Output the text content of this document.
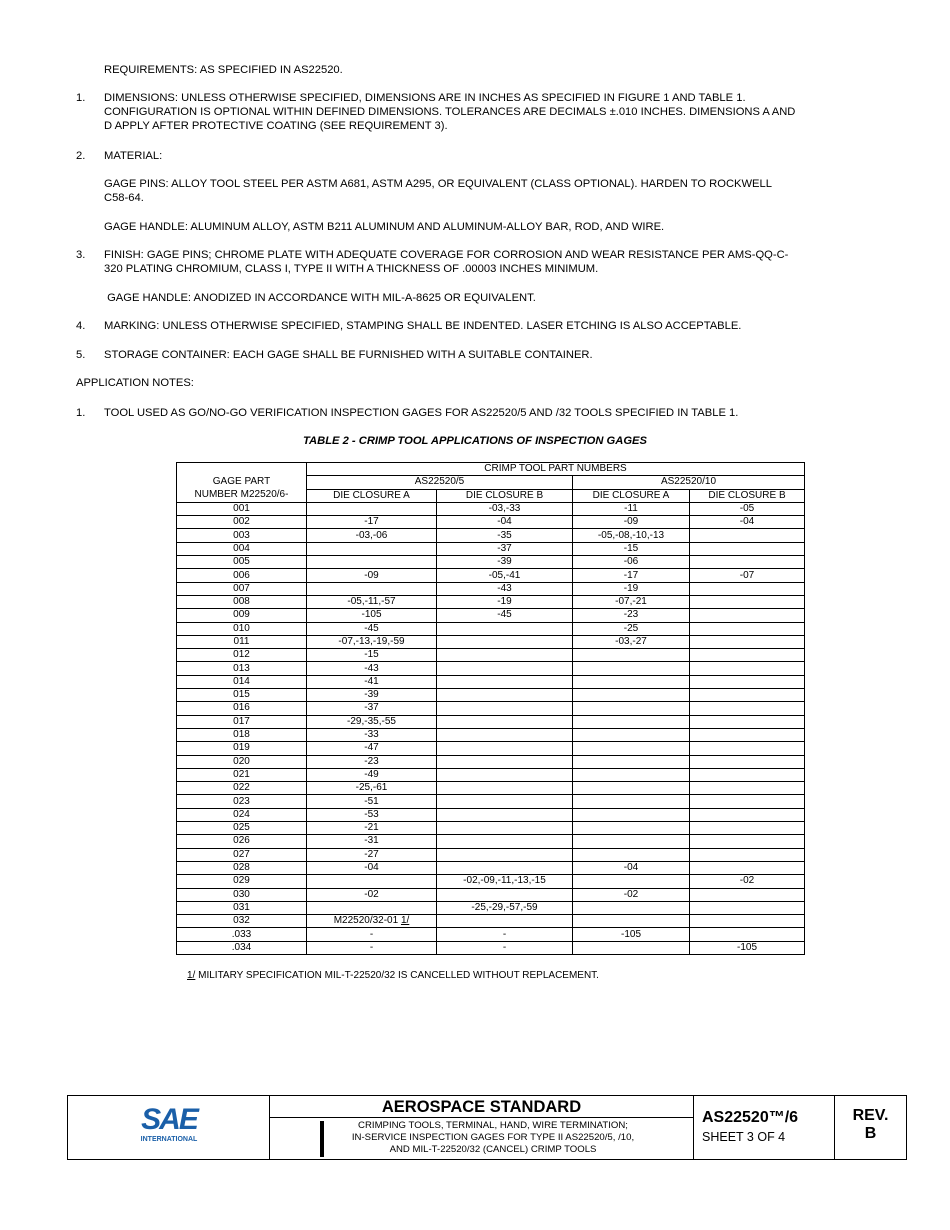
REQUIREMENTS: AS SPECIFIED IN AS22520.
1. DIMENSIONS: UNLESS OTHERWISE SPECIFIED, DIMENSIONS ARE IN INCHES AS SPECIFIED IN FIGURE 1 AND TABLE 1.
CONFIGURATION IS OPTIONAL WITHIN DEFINED DIMENSIONS. TOLERANCES ARE DECIMALS ±.010 INCHES. DIMENSIONS A AND
D APPLY AFTER PROTECTIVE COATING (SEE REQUIREMENT 3).
2. MATERIAL:
GAGE PINS: ALLOY TOOL STEEL PER ASTM A681, ASTM A295, OR EQUIVALENT (CLASS OPTIONAL). HARDEN TO ROCKWELL
C58-64.
GAGE HANDLE: ALUMINUM ALLOY, ASTM B211 ALUMINUM AND ALUMINUM-ALLOY BAR, ROD, AND WIRE.
3. FINISH: GAGE PINS; CHROME PLATE WITH ADEQUATE COVERAGE FOR CORROSION AND WEAR RESISTANCE PER AMS-QQ-C-
320 PLATING CHROMIUM, CLASS I, TYPE II WITH A THICKNESS OF .00003 INCHES MINIMUM.
GAGE HANDLE: ANODIZED IN ACCORDANCE WITH MIL-A-8625 OR EQUIVALENT.
4. MARKING: UNLESS OTHERWISE SPECIFIED, STAMPING SHALL BE INDENTED. LASER ETCHING IS ALSO ACCEPTABLE.
5. STORAGE CONTAINER: EACH GAGE SHALL BE FURNISHED WITH A SUITABLE CONTAINER.
APPLICATION NOTES:
1. TOOL USED AS GO/NO-GO VERIFICATION INSPECTION GAGES FOR AS22520/5 AND /32 TOOLS SPECIFIED IN TABLE 1.
TABLE 2 - CRIMP TOOL APPLICATIONS OF INSPECTION GAGES
	CRIMP TOOL PART NUMBERS			
GAGE PART	AS22520/5		AS22520/10	
NUMBER M22520/6-	DIE CLOSURE A	DIE CLOSURE B	DIE CLOSURE A	DIE CLOSURE B
001		-03,-33	-11	-05
002	-17	-04	-09	-04
003	-03,-06	-35	-05,-08,-10,-13	
004		-37	-15	
005		-39	-06	
006	-09	-05,-41	-17	-07
007		-43	-19	
008	-05,-11,-57	-19	-07,-21	
009	-105	-45	-23	
010	-45		-25	
011	-07,-13,-19,-59		-03,-27	
012	-15			
013	-43			
014	-41			
015	-39			
016	-37			
017	-29,-35,-55			
018	-33			
019	-47			
020	-23			
021	-49			
022	-25,-61			
023	-51			
024	-53			
025	-21			
026	-31			
027	-27			
028	-04		-04	
029		-02,-09,-11,-13,-15		-02
030	-02		-02	
031		-25,-29,-57,-59		
032	M22520/32-01 1/			
.033	-	-	-105	
.034	-	-		-105
1/ MILITARY SPECIFICATION MIL-T-22520/32 IS CANCELLED WITHOUT REPLACEMENT.
SAE
INTERNATIONAL
AEROSPACE STANDARD
CRIMPING TOOLS, TERMINAL, HAND, WIRE TERMINATION;
IN-SERVICE INSPECTION GAGES FOR TYPE II AS22520/5, /10,
AND MIL-T-22520/32 (CANCEL) CRIMP TOOLS
AS22520™/6
SHEET 3 OF 4
REV.
B
